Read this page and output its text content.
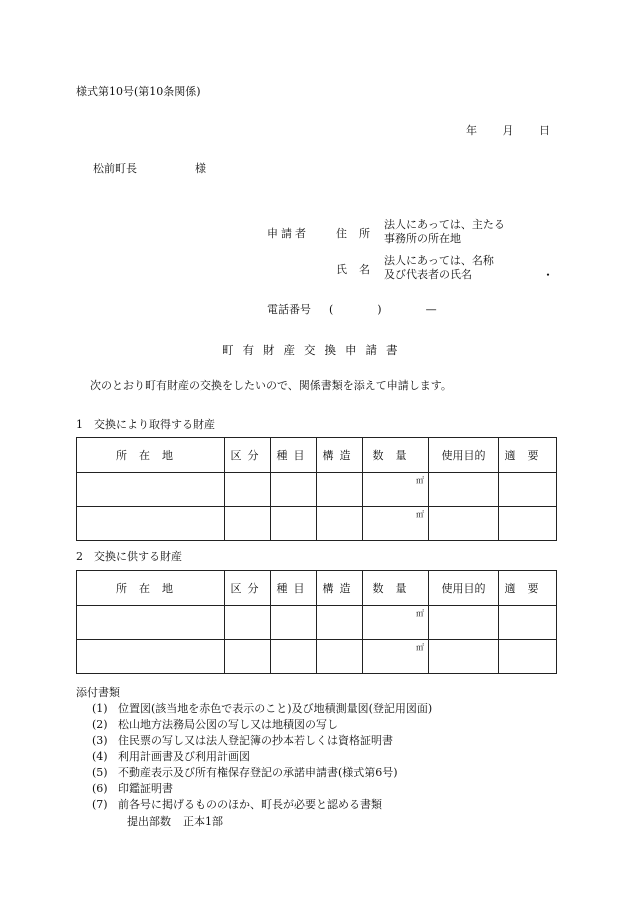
様式第10号(第10条関係)
年 月 日
松前町長	様
申請者 住 所
法人にあっては、主たる
事務所の所在地
氏 名
法人にあっては、名称
及び代表者の氏名	・
電話番号 (	)	—
町有財産交換申請書
次のとおり町有財産の交換をしたいので、関係書類を添えて申請します。
1　交換により取得する財産
所在地	区分	種目	構造	数量	使用目的	適要

				㎡		

				㎡		

2　交換に供する財産
所在地	区分	種目	構造	数量	使用目的	適要

				㎡		

				㎡		

添付書類
(1) 位置図(該当地を赤色で表示のこと)及び地積測量図(登記用図面)
(2) 松山地方法務局公図の写し又は地積図の写し
(3) 住民票の写し又は法人登記簿の抄本若しくは資格証明書
(4) 利用計画書及び利用計画図
(5) 不動産表示及び所有権保存登記の承諾申請書(様式第6号)
(6) 印鑑証明書
(7) 前各号に掲げるもののほか、町長が必要と認める書類
提出部数 正本1部
